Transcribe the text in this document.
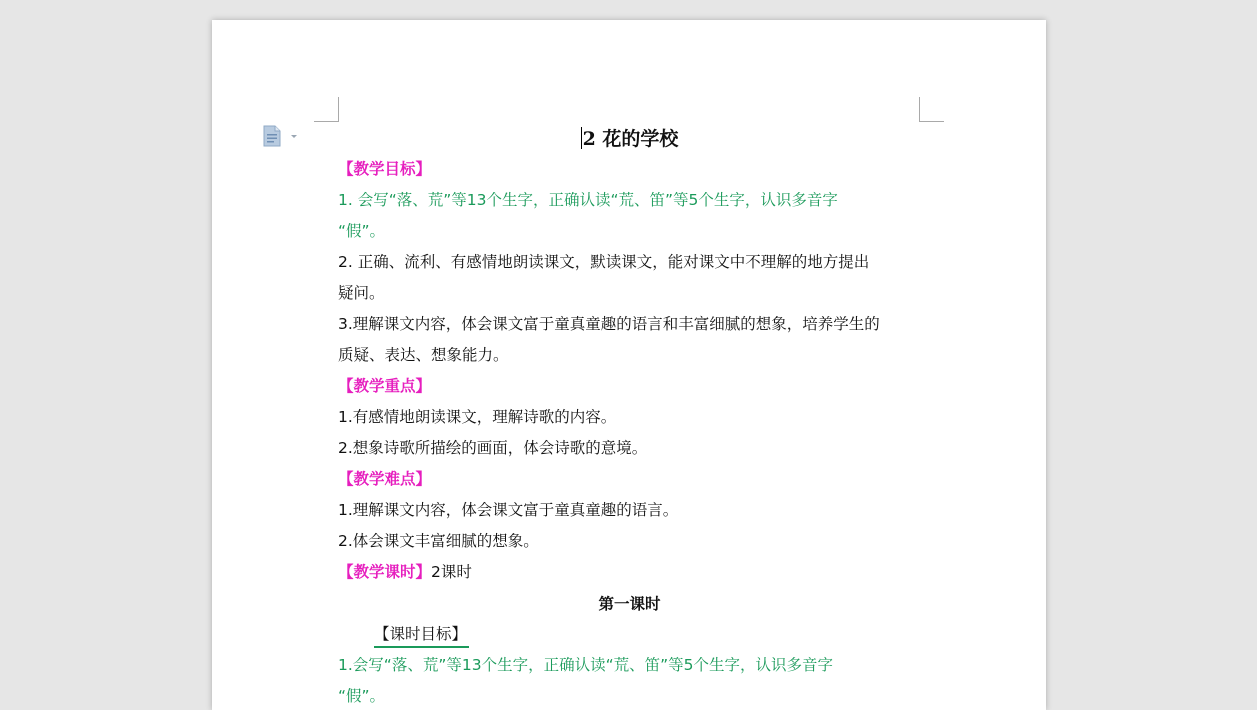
2 花的学校
【教学目标】
1. 会写“落、荒”等13个生字，正确认读“荒、笛”等5个生字，认识多音字
“假”。
2. 正确、流利、有感情地朗读课文，默读课文，能对课文中不理解的地方提出
疑问。
3.理解课文内容，体会课文富于童真童趣的语言和丰富细腻的想象，培养学生的
质疑、表达、想象能力。
【教学重点】
1.有感情地朗读课文，理解诗歌的内容。
2.想象诗歌所描绘的画面，体会诗歌的意境。
【教学难点】
1.理解课文内容，体会课文富于童真童趣的语言。
2.体会课文丰富细腻的想象。
【教学课时】2课时
第一课时
【课时目标】
1.会写“落、荒”等13个生字，正确认读“荒、笛”等5个生字，认识多音字
“假”。
